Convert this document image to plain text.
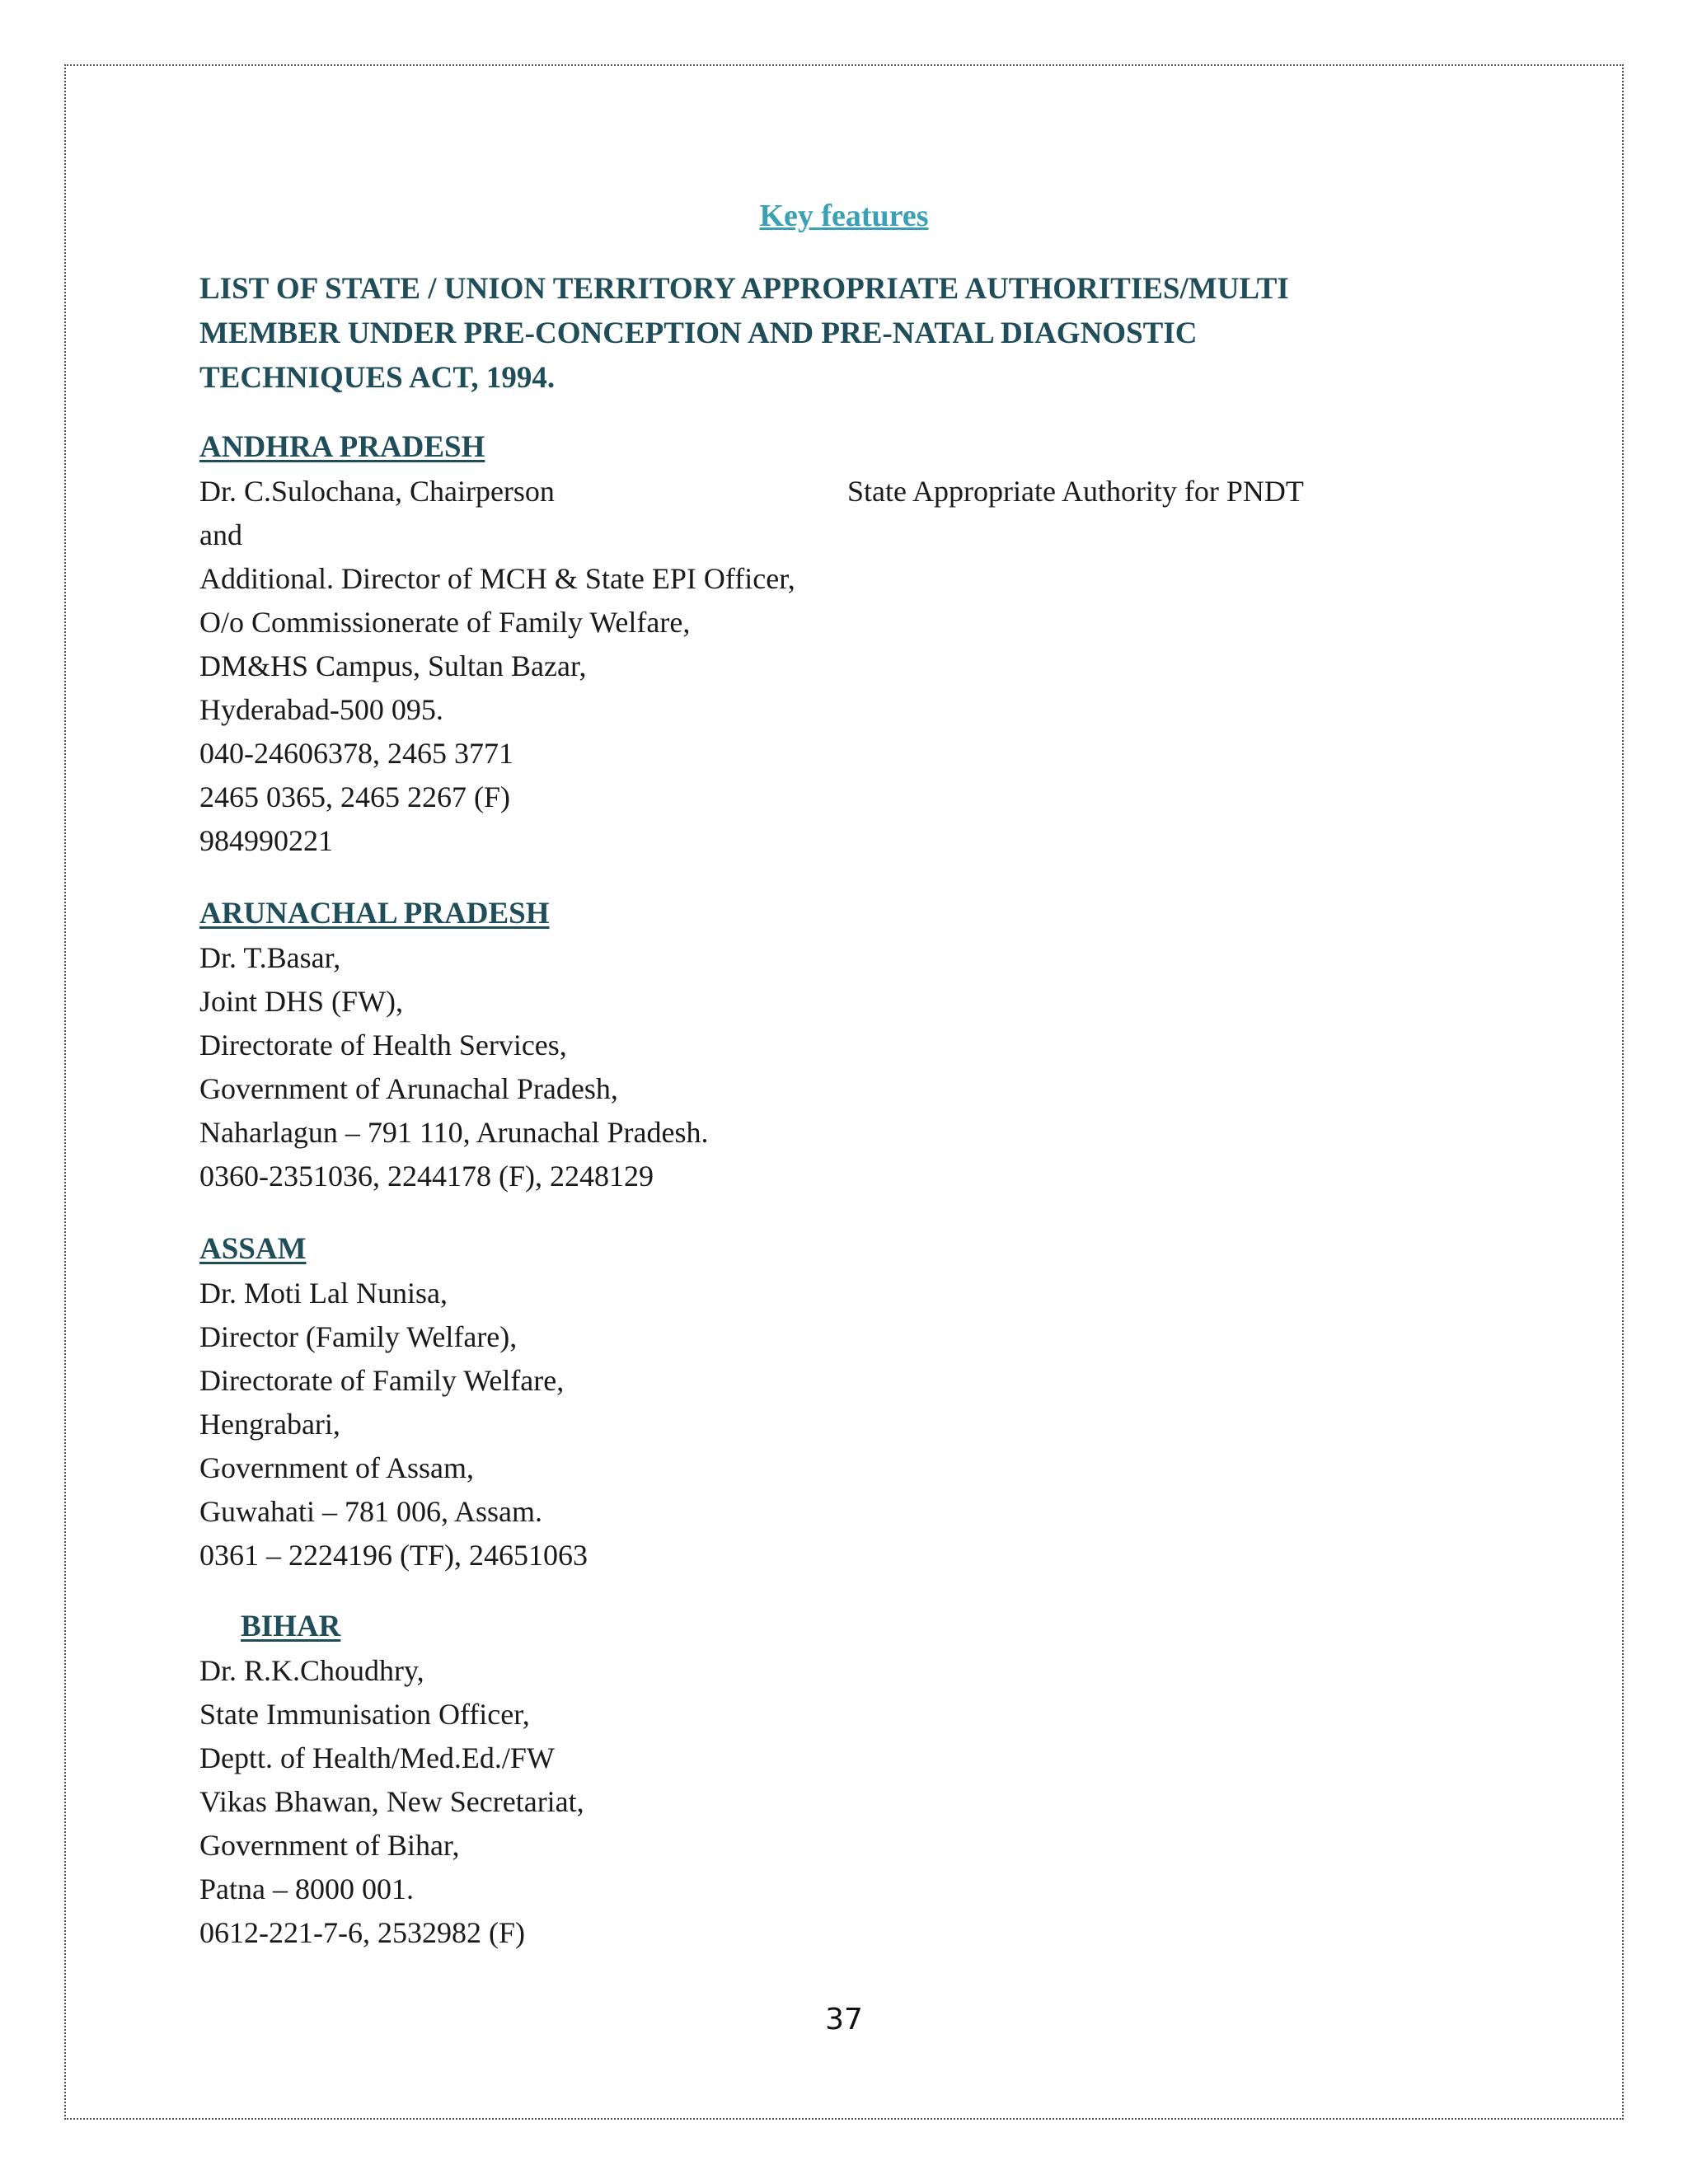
Key features
LIST OF STATE / UNION TERRITORY APPROPRIATE AUTHORITIES/MULTI
MEMBER UNDER PRE-CONCEPTION AND PRE-NATAL DIAGNOSTIC
TECHNIQUES ACT, 1994.
ANDHRA PRADESH
Dr. C.Sulochana, Chairperson	State Appropriate Authority for PNDT
and
Additional. Director of MCH & State EPI Officer,
O/o Commissionerate of Family Welfare,
DM&HS Campus, Sultan Bazar,
Hyderabad-500 095.
040-24606378, 2465 3771
2465 0365, 2465 2267 (F)
984990221
ARUNACHAL PRADESH
Dr. T.Basar,
Joint DHS (FW),
Directorate of Health Services,
Government of Arunachal Pradesh,
Naharlagun – 791 110, Arunachal Pradesh.
0360-2351036, 2244178 (F), 2248129
ASSAM
Dr. Moti Lal Nunisa,
Director (Family Welfare),
Directorate of Family Welfare,
Hengrabari,
Government of Assam,
Guwahati – 781 006, Assam.
0361 – 2224196 (TF), 24651063
BIHAR
Dr. R.K.Choudhry,
State Immunisation Officer,
Deptt. of Health/Med.Ed./FW
Vikas Bhawan, New Secretariat,
Government of Bihar,
Patna – 8000 001.
0612-221-7-6, 2532982 (F)
37
